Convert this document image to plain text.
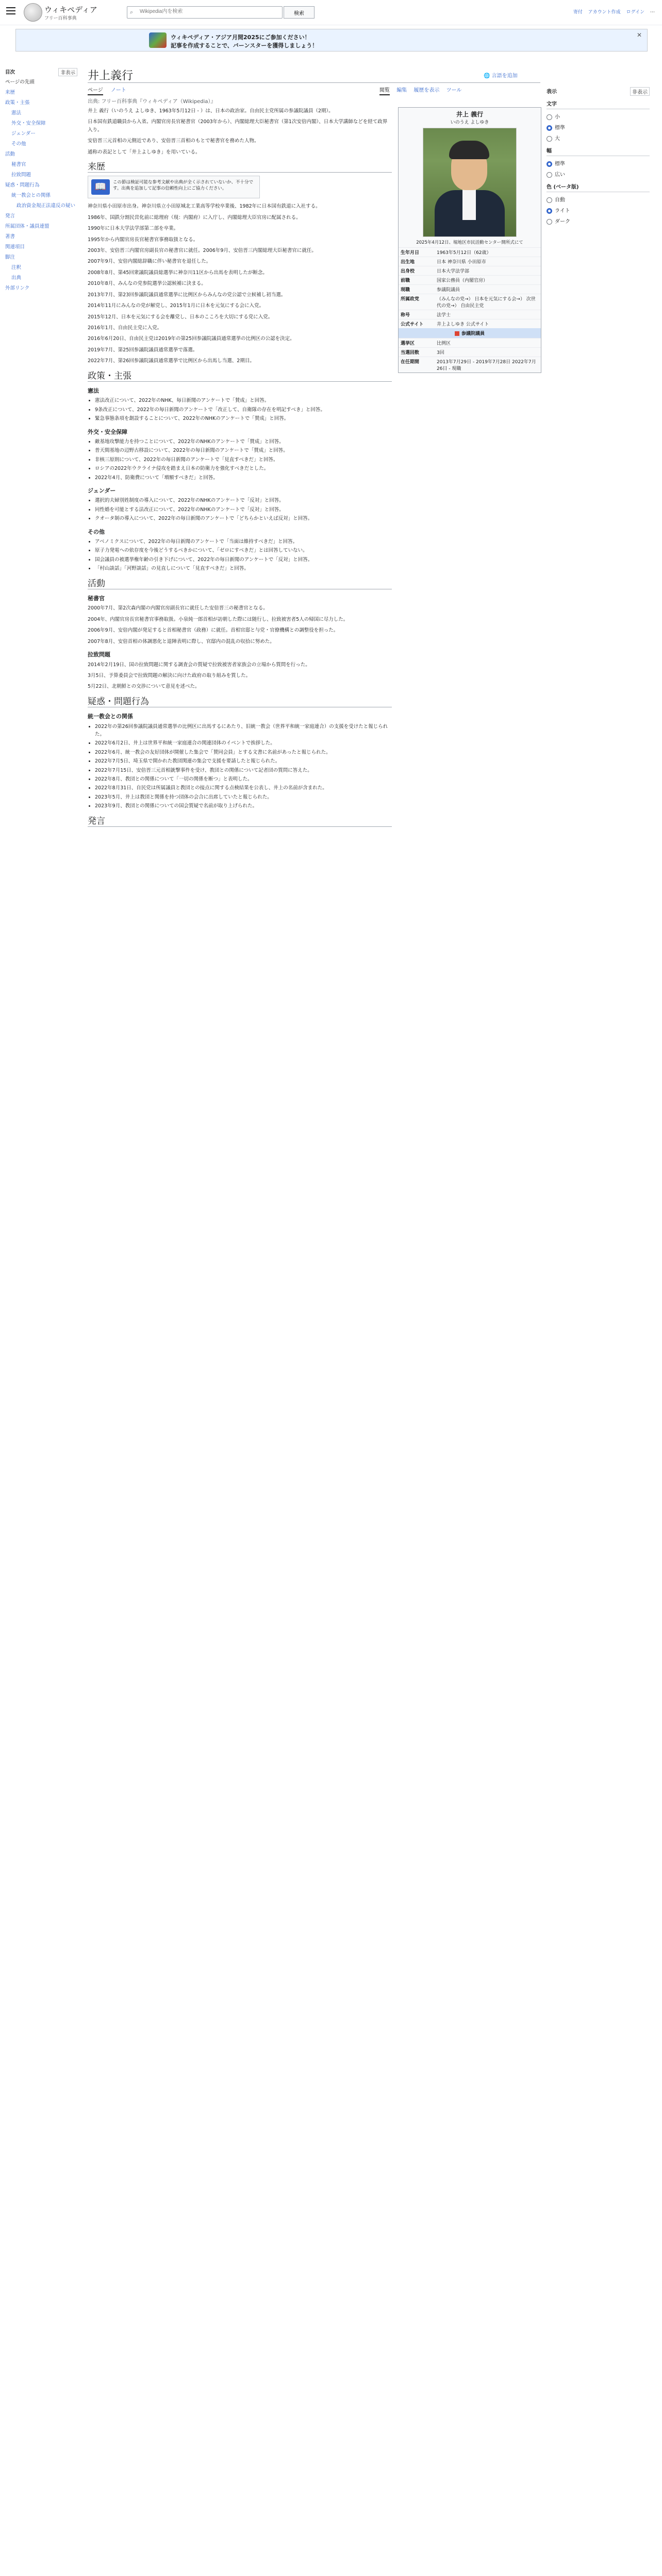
ウィキペディア
フリー百科事典
⌕
Wikipedia内を検索	検索	寄付 アカウント作成 ログイン ⋯
ウィキペディア・アジア月間2025にご参加ください！
記事を作成することで、バーンスターを獲得しましょう！
✕
目次	非表示
ページの先頭
来歴
政策・主張
憲法
外交・安全保障
ジェンダー
その他
活動
秘書官
拉致問題
疑惑・問題行為
統一教会との関係
政治資金規正法違反の疑い
発言
所属団体・議員連盟
著書
関連項目
脚注
注釈
出典
外部リンク
井上義行	🌐 言語を追加
ページ ノート	閲覧 編集 履歴を表示 ツール
出典: フリー百科事典『ウィキペディア（Wikipedia）』
表示	非表示
文字
小
標準
大
幅
標準
広い
色 (ベータ版)
自動
ライト
ダーク
井上 義行
いのうえ よしゆき
2025年4月12日、堀地区市民活動センター開所式にて
生年月日	1963年5月12日（62歳）
出生地	日本 神奈川県 小田原市
出身校	日本大学法学部
前職	国家公務員（内閣官房）
現職	参議院議員
所属政党	（みんなの党→） 日本を元気にする会→） 次世代の党→） 自由民主党
称号	法学士
公式サイト	井上よしゆき 公式サイト
参議院議員
選挙区	比例区
当選回数	3回
在任期間	2013年7月29日 - 2019年7月28日 2022年7月26日 - 現職

井上 義行（いのうえ よしゆき、1963年5月12日 - ）は、日本の政治家。自由民主党所属の参議院議員（2期）。

日本国有鉄道職員から入省。内閣官房長官秘書官（2003年から）、内閣総理大臣秘書官（第1次安倍内閣）、日本大学講師などを経て政界入り。

安倍晋三元首相の元側近であり、安倍晋三首相のもとで秘書官を務めた人物。

通称の表記として「井上よしゆき」を用いている。

来歴
📖	この節は検証可能な参考文献や出典が全く示されていないか、不十分です。出典を追加して記事の信頼性向上にご協力ください。

神奈川県小田原市出身。神奈川県立小田原城北工業高等学校卒業後、1982年に日本国有鉄道に入社する。

1986年、国鉄分割民営化前に総理府（現：内閣府）に入庁し、内閣総理大臣官房に配属される。

1990年に日本大学法学部第二部を卒業。

1995年から内閣官房長官秘書官事務取扱となる。

2003年、安倍晋三内閣官房副長官の秘書官に就任。2006年9月、安倍晋三内閣総理大臣秘書官に就任。

2007年9月、安倍内閣総辞職に伴い秘書官を退任した。

2008年8月、第45回衆議院議員総選挙に神奈川11区から出馬を表明したが断念。

2010年8月、みんなの党参院選挙公認候補に決まる。

2013年7月、第23回参議院議員通常選挙に比例区からみんなの党公認で立候補し初当選。

2014年11月にみんなの党が解党し、2015年1月に日本を元気にする会に入党。

2015年12月、日本を元気にする会を離党し、日本のこころを大切にする党に入党。

2016年1月、自由民主党に入党。

2016年6月20日、自由民主党は2019年の第25回参議院議員通常選挙の比例区の公認を決定。

2019年7月、第25回参議院議員通常選挙で落選。

2022年7月、第26回参議院議員通常選挙で比例区から出馬し当選、2期目。

政策・主張
憲法
• 憲法改正について、2022年のNHK、毎日新聞のアンケートで「賛成」と回答。
• 9条改正について、2022年の毎日新聞のアンケートで「改正して、自衛隊の存在を明記すべき」と回答。
• 緊急事態条項を創設することについて、2022年のNHKのアンケートで「賛成」と回答。
外交・安全保障
• 敵基地攻撃能力を持つことについて、2022年のNHKのアンケートで「賛成」と回答。
• 普天間基地の辺野古移設について、2022年の毎日新聞のアンケートで「賛成」と回答。
• 非核三原則について、2022年の毎日新聞のアンケートで「見直すべきだ」と回答。
• ロシアの2022年ウクライナ侵攻を踏まえ日本の防衛力を強化すべきだとした。
• 2022年4月、防衛費について「増額すべきだ」と回答。
ジェンダー
• 選択的夫婦別姓制度の導入について、2022年のNHKのアンケートで「反対」と回答。
• 同性婚を可能とする法改正について、2022年のNHKのアンケートで「反対」と回答。
• クオータ制の導入について、2022年の毎日新聞のアンケートで「どちらかといえば反対」と回答。
その他
• アベノミクスについて、2022年の毎日新聞のアンケートで「当面は維持すべきだ」と回答。
• 原子力発電への依存度を今後どうするべきかについて、「ゼロにすべきだ」とは回答していない。
• 国会議員の被選挙権年齢の引き下げについて、2022年の毎日新聞のアンケートで「反対」と回答。
• 「村山談話」「河野談話」の見直しについて「見直すべきだ」と回答。
活動
秘書官

2000年7月、第2次森内閣の内閣官房副長官に就任した安倍晋三の秘書官となる。

2004年、内閣官房長官秘書官事務取扱。小泉純一郎首相が訪朝した際には随行し、拉致被害者5人の帰国に尽力した。

2006年9月、安倍内閣が発足すると首相秘書官（政務）に就任。首相官邸と与党・官僚機構との調整役を担った。

2007年8月、安倍首相の体調悪化と退陣表明に際し、官邸内の混乱の収拾に努めた。

拉致問題

2014年2月19日、国の拉致問題に関する調査会の質疑で拉致被害者家族会の立場から質問を行った。

3月5日、予算委員会で拉致問題の解決に向けた政府の取り組みを質した。

5月22日、北朝鮮との交渉について意見を述べた。

疑惑・問題行為
統一教会との関係
• 2022年の第26回参議院議員通常選挙の比例区に出馬するにあたり、旧統一教会（世界平和統一家庭連合）の支援を受けたと報じられた。
• 2022年6月2日、井上は世界平和統一家庭連合の関連団体のイベントで挨拶した。
• 2022年6月、統一教会の友好団体が開催した集会で「賛同会員」とする文書に名前があったと報じられた。
• 2022年7月5日、埼玉県で開かれた教団関連の集会で支援を要請したと報じられた。
• 2022年7月15日、安倍晋三元首相銃撃事件を受け、教団との関係について記者団の質問に答えた。
• 2022年8月、教団との関係について「一切の関係を断つ」と表明した。
• 2022年8月31日、自民党は所属議員と教団との接点に関する点検結果を公表し、井上の名前が含まれた。
• 2023年5月、井上は教団と関係を持つ団体の会合に出席していたと報じられた。
• 2023年9月、教団との関係についての国会質疑で名前が取り上げられた。
発言
